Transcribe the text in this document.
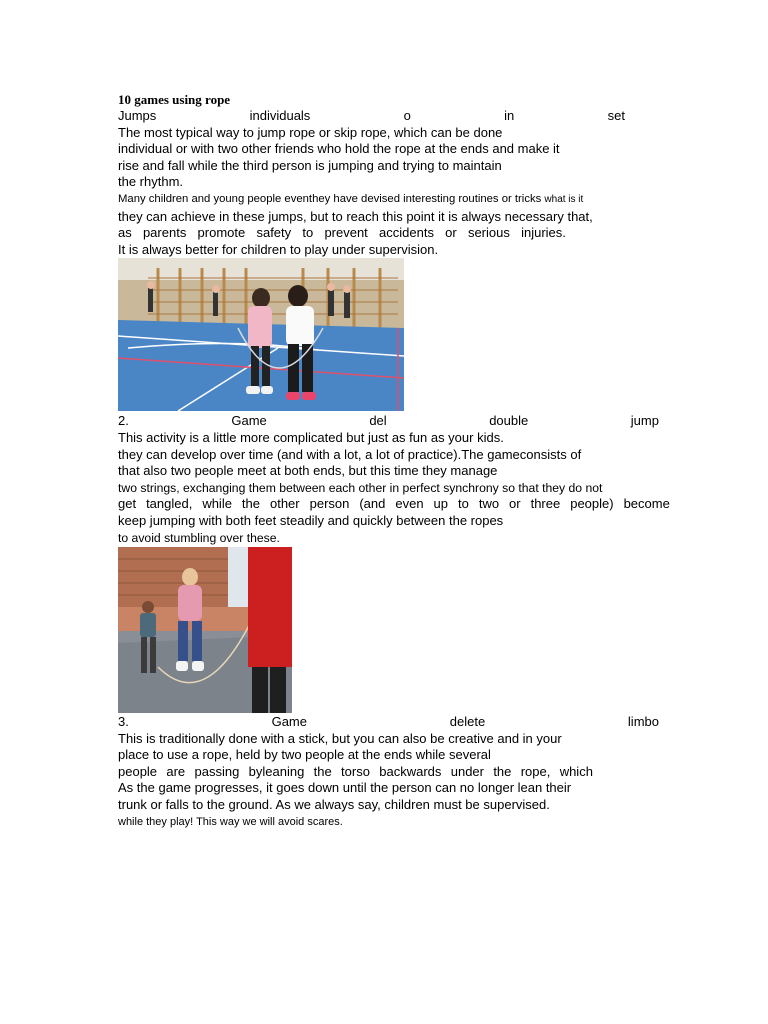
10 games using rope
Jumps	individuals	o	in	set
The most typical way to jump rope or skip rope, which can be done
individual or with two other friends who hold the rope at the ends and make it
rise and fall while the third person is jumping and trying to maintain
the rhythm.
Many children and young people eventhey have devised interesting routines or tricks what is it
they can achieve in these jumps, but to reach this point it is always necessary that,
as parents promote safety to prevent accidents or serious injuries.
It is always better for children to play under supervision.
2.	Game	del	double	jump
This activity is a little more complicated but just as fun as your kids.
they can develop over time (and with a lot, a lot of practice).The gameconsists of
that also two people meet at both ends, but this time they manage
two strings, exchanging them between each other in perfect synchrony so that they do not
get tangled, while the other person (and even up to two or three people) become
keep jumping with both feet steadily and quickly between the ropes
to avoid stumbling over these.
3.	Game	delete	limbo
This is traditionally done with a stick, but you can also be creative and in your
place to use a rope, held by two people at the ends while several
people are passing byleaning the torso backwards under the rope, which
As the game progresses, it goes down until the person can no longer lean their
trunk or falls to the ground. As we always say, children must be supervised.
while they play! This way we will avoid scares.
